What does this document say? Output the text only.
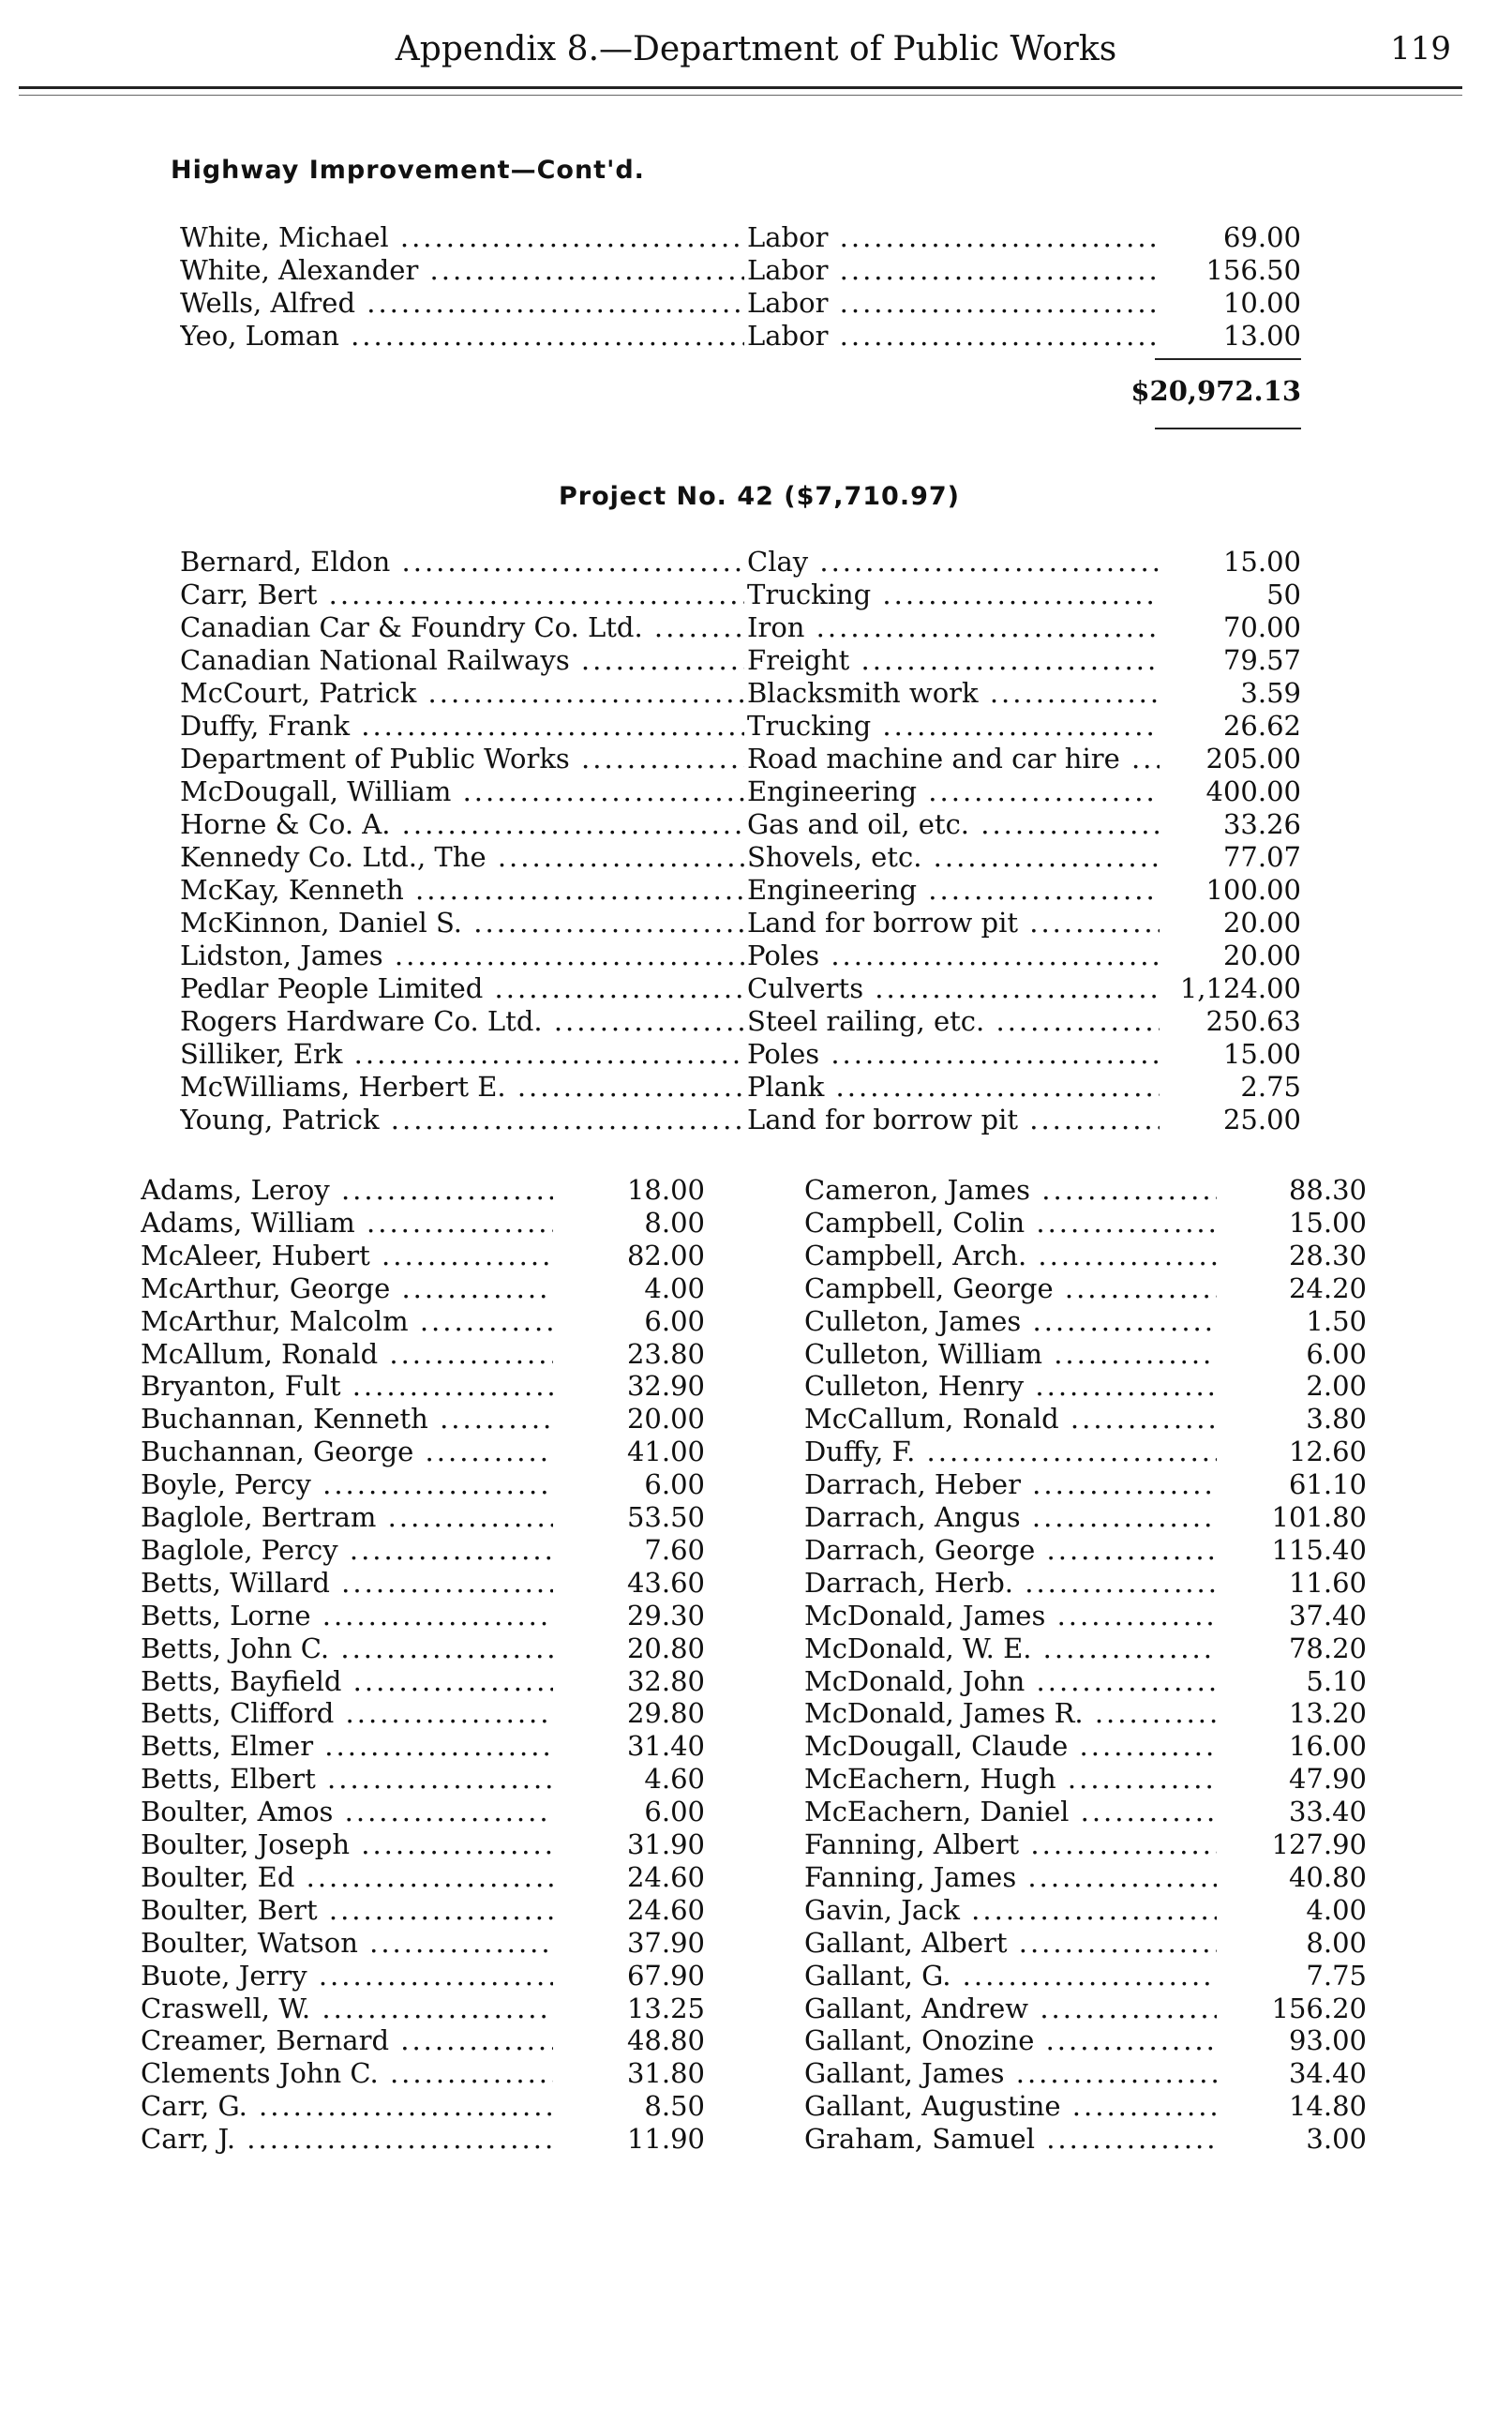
Appendix 8.—Department of Public Works	119
Highway Improvement—Cont'd.
White, Michael .....	Labor .....	69.00
White, Alexander .....	Labor .....	156.50
Wells, Alfred .....	Labor .....	10.00
Yeo, Loman .....	Labor .....	13.00
$20,972.13
Project No. 42 ($7,710.97)
Bernard, Eldon .....	Clay .....	15.00
Carr, Bert .....	Trucking .....	50
Canadian Car & Foundry Co. Ltd. .....	Iron .....	70.00
Canadian National Railways .....	Freight .....	79.57
McCourt, Patrick .....	Blacksmith work .....	3.59
Duffy, Frank .....	Trucking .....	26.62
Department of Public Works .....	Road machine and car hire .....	205.00
McDougall, William .....	Engineering .....	400.00
Horne & Co. A. .....	Gas and oil, etc. .....	33.26
Kennedy Co. Ltd., The .....	Shovels, etc. .....	77.07
McKay, Kenneth .....	Engineering .....	100.00
McKinnon, Daniel S. .....	Land for borrow pit .....	20.00
Lidston, James .....	Poles .....	20.00
Pedlar People Limited .....	Culverts .....	1,124.00
Rogers Hardware Co. Ltd. .....	Steel railing, etc. .....	250.63
Silliker, Erk .....	Poles .....	15.00
McWilliams, Herbert E. .....	Plank .....	2.75
Young, Patrick .....	Land for borrow pit .....	25.00
Adams, Leroy .....	18.00
Adams, William .....	8.00
McAleer, Hubert .....	82.00
McArthur, George .....	4.00
McArthur, Malcolm .....	6.00
McAllum, Ronald .....	23.80
Bryanton, Fult .....	32.90
Buchannan, Kenneth .....	20.00
Buchannan, George .....	41.00
Boyle, Percy .....	6.00
Baglole, Bertram .....	53.50
Baglole, Percy .....	7.60
Betts, Willard .....	43.60
Betts, Lorne .....	29.30
Betts, John C. .....	20.80
Betts, Bayfield .....	32.80
Betts, Clifford .....	29.80
Betts, Elmer .....	31.40
Betts, Elbert .....	4.60
Boulter, Amos .....	6.00
Boulter, Joseph .....	31.90
Boulter, Ed .....	24.60
Boulter, Bert .....	24.60
Boulter, Watson .....	37.90
Buote, Jerry .....	67.90
Craswell, W. .....	13.25
Creamer, Bernard .....	48.80
Clements John C. .....	31.80
Carr, G. .....	8.50
Carr, J. .....	11.90
Cameron, James .....	88.30
Campbell, Colin .....	15.00
Campbell, Arch. .....	28.30
Campbell, George .....	24.20
Culleton, James .....	1.50
Culleton, William .....	6.00
Culleton, Henry .....	2.00
McCallum, Ronald .....	3.80
Duffy, F. .....	12.60
Darrach, Heber .....	61.10
Darrach, Angus .....	101.80
Darrach, George .....	115.40
Darrach, Herb. .....	11.60
McDonald, James .....	37.40
McDonald, W. E. .....	78.20
McDonald, John .....	5.10
McDonald, James R. .....	13.20
McDougall, Claude .....	16.00
McEachern, Hugh .....	47.90
McEachern, Daniel .....	33.40
Fanning, Albert .....	127.90
Fanning, James .....	40.80
Gavin, Jack .....	4.00
Gallant, Albert .....	8.00
Gallant, G. .....	7.75
Gallant, Andrew .....	156.20
Gallant, Onozine .....	93.00
Gallant, James .....	34.40
Gallant, Augustine .....	14.80
Graham, Samuel .....	3.00
